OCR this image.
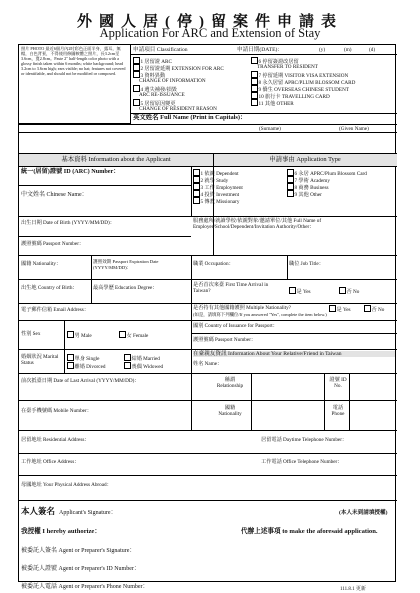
外國人居(停)留案件申請表
Application For ARC and Extension of Stay
照片 PHOTO 最近6個月內2吋彩色正面半身，露耳，無帽，白色背景，不得使用修圖軟體之照片，長3.2cm至3.6cm，寬2.8cm。Paste 2" half-length color photo with a glossy finish taken within 6 months; white background; head 3.2cm to 3.6cm high; ears visible; no hat; features not covered or identifiable, and should not be modified or composed.
申請項目 Classification	申請日期(DATE)：	(y)	(m)	(d)
1 居留證 ARC
2 居留證延期 EXTENSION FOR ARC
3 資料異動
CHANGE OF INFORMATION
4 遺失補發/損毀
ARC RE-ISSUANCE
5 居留原因變更
CHANGE OF RESIDENT REASON
6 停留簽證改居留
TRANSFER TO RESIDENT
7 停留延期 VISITOR VISA EXTENSION
8 永久居留 APRC/PLUM BLOSSOM CARD
9 僑生 OVERSEAS CHINESE STUDENT
10 旅行卡 TRAVELLING CARD
11 其他 OTHER
英文姓名 Full Name (Print in Capitals)：
(Surname)	(Given Name)
基本資料 Information about the Applicant	申請事由 Application Type
統一(居留)證號 ID (ARC) Number：
中文姓名 Chinese Name：
1 依親 Dependent
2 就學 Study
3 工作 Employment
4 投資 Investment
5 傳教 Missionary
6 永居 APRC/Plum Blossom Card
7 學術 Academy
8 商務 Business
9 其他 Other
出生日期 Date of Birth (YYYY/MM/DD)：	服務處所/就讀學校/依親對象/邀請單位/其他 Full Name of Employer/School/Dependent/Invitation Authority/Other：
護照號碼 Passport Number：
國籍 Nationality：	護照效期 Passport Expiration Date (YYYY/MM/DD)：
職業 Occupation：	職位 Job Title：
出生地 Country of Birth：	最高學歷 Education Degree：	是否首次來臺 First Time Arrival in Taiwan?	是 Yes	否 No
電子郵件信箱 Email Address：	是否持有其他國籍護照 Multiple Nationality?	是 Yes	否 No
(如是，請填寫下列欄位/If you answered "Yes", complete the item below.)
性別 Sex	男 Male	女 Female
國別 Country of Issuance for Passport：
護照號碼 Passport Number：
婚姻狀況 Marital Status
單身 Single	結婚 Married
離婚 Divorced	喪偶 Widowed
在臺親友資訊 Information About Your Relative/Friend in Taiwan
姓名 Name：
前次抵臺日期 Date of Last Arrival (YYYY/MM/DD)：	稱謂 Relationship
證號 ID No.
在臺手機號碼 Mobile Number：	國籍 Nationality
電話 Phone
居留地址 Residential Address：	居留電話 Daytime Telephone Number：
工作地址 Office Address：	工作電話 Office Telephone Number：
母國地址 Your Physical Address Abroad：
本人簽名 Applicant's Signature：	(本人未到請填授權)
我授權 I hereby authorize：	代辦上述事項 to make the aforesaid application.
被委託人簽名 Agent or Preparer's Signature：
被委託人證號 Agent or Preparer's ID Number：
被委託人電話 Agent or Preparer's Phone Number：	111.8.1 更新
